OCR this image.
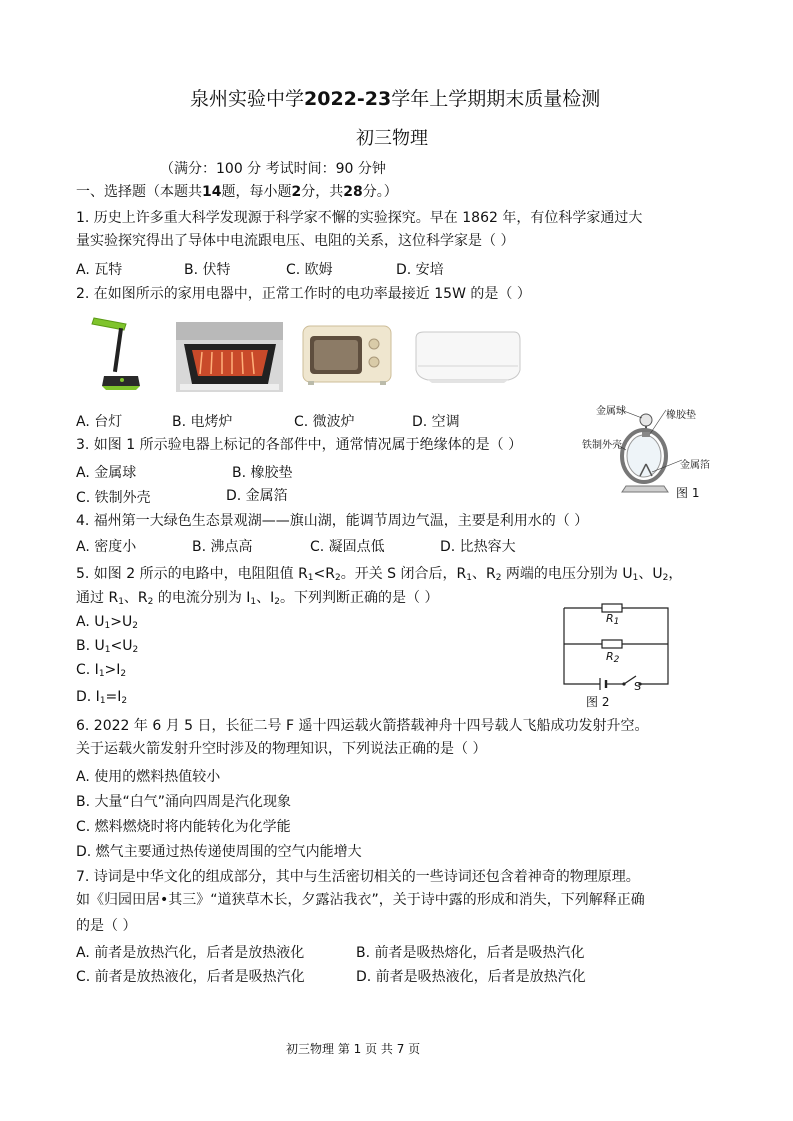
泉州实验中学2022-23学年上学期期末质量检测
初三物理
（满分：100 分 考试时间：90 分钟
一、选择题（本题共14题，每小题2分，共28分。）
1. 历史上许多重大科学发现源于科学家不懈的实验探究。早在 1862 年，有位科学家通过大
量实验探究得出了导体中电流跟电压、电阻的关系，这位科学家是（ ）
A. 瓦特	B. 伏特	C. 欧姆	D. 安培
2. 在如图所示的家用电器中，正常工作时的电功率最接近 15W 的是（ ）
A. 台灯	B. 电烤炉	C. 微波炉	D. 空调
金属球	橡胶垫
铁制外壳
金属箔
图 1
3. 如图 1 所示验电器上标记的各部件中，通常情况属于绝缘体的是（ ）
A. 金属球	B. 橡胶垫
C. 铁制外壳	D. 金属箔
4. 福州第一大绿色生态景观湖——旗山湖，能调节周边气温，主要是利用水的（ ）
A. 密度小	B. 沸点高	C. 凝固点低	D. 比热容大
5. 如图 2 所示的电路中，电阻阻值 $R_1<R_2$。开关 S 闭合后，$R_1$、$R_2$ 两端的电压分别为 $U_1$、$U_2$，
通过 $R_1$、$R_2$ 的电流分别为 $I_1$、$I_2$。下列判断正确的是（ ）
A. $U_1>U_2$
B. $U_1<U_2$
C. $I_1>I_2$
D. $I_1=I_2$
$R_1$
$R_2$
S
图 2
6. 2022 年 6 月 5 日，长征二号 F 遥十四运载火箭搭载神舟十四号载人飞船成功发射升空。
关于运载火箭发射升空时涉及的物理知识，下列说法正确的是（ ）
A. 使用的燃料热值较小
B. 大量“白气”涌向四周是汽化现象
C. 燃料燃烧时将内能转化为化学能
D. 燃气主要通过热传递使周围的空气内能增大
7. 诗词是中华文化的组成部分，其中与生活密切相关的一些诗词还包含着神奇的物理原理。
如《归园田居•其三》“道狭草木长，夕露沾我衣”，关于诗中露的形成和消失，下列解释正确
的是（ ）
A. 前者是放热汽化，后者是放热液化	B. 前者是吸热熔化，后者是吸热汽化
C. 前者是放热液化，后者是吸热汽化	D. 前者是吸热液化，后者是放热汽化
初三物理 第 1 页 共 7 页
